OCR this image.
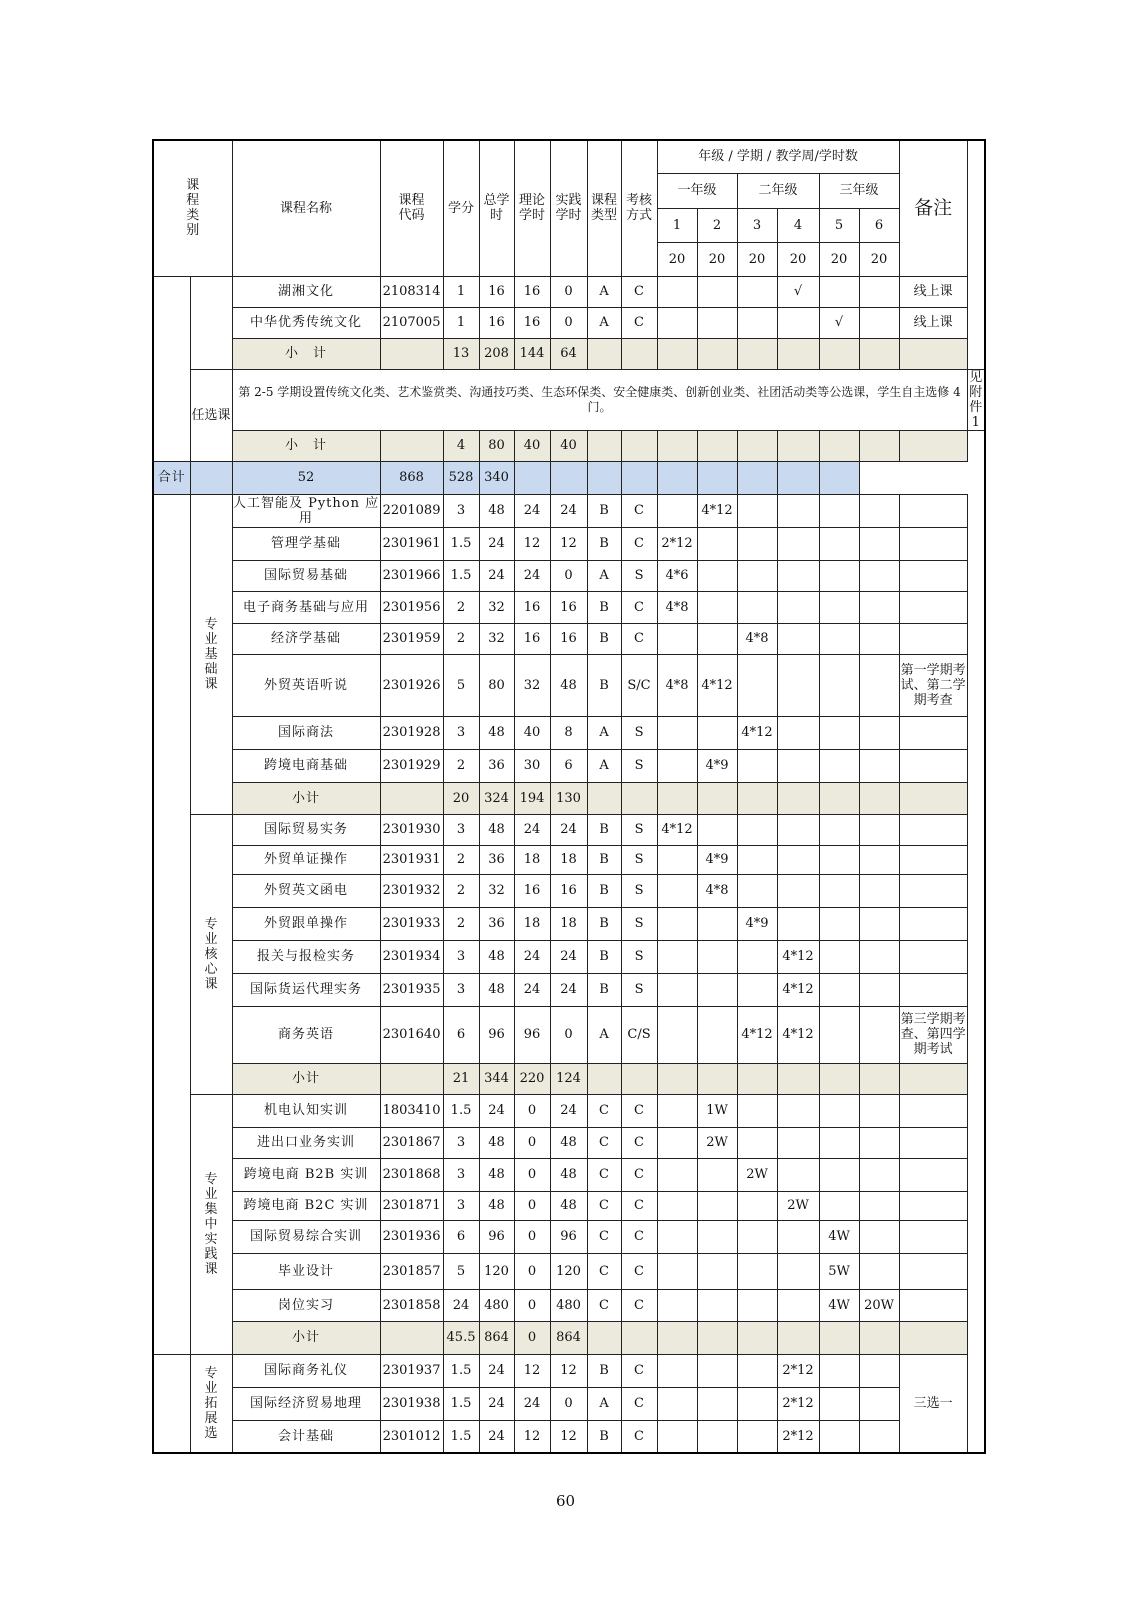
课程类别		课程名称	课程代码	学分	总学时	理论学时	实践学时	课程类型	考核方式	年级 / 学期 / 教学周/学时数						备注	
										一年级		二年级		三年级			
										1	2	3	4	5	6		
										20	20	20	20	20	20		
		湖湘文化	2108314	1	16	16	0	A	C				√			线上课	
		中华优秀传统文化	2107005	1	16	16	0	A	C					√		线上课	
		小　计		13	208	144	64										
	任选课	第 2-5 学期设置传统文化类、艺术鉴赏类、沟通技巧类、生态环保类、安全健康类、创新创业类、社团活动类等公选课，学生自主选修 4 门。															见附件 1
		小　计		4	80	40	40										
合计		52	868	528	340												
	专业基础课	人工智能及 Python 应用	2201089	3	48	24	24	B	C		4*12						
		管理学基础	2301961	1.5	24	12	12	B	C	2*12							
		国际贸易基础	2301966	1.5	24	24	0	A	S	4*6							
		电子商务基础与应用	2301956	2	32	16	16	B	C	4*8							
		经济学基础	2301959	2	32	16	16	B	C			4*8					
		外贸英语听说	2301926	5	80	32	48	B	S/C	4*8	4*12					第一学期考试、第二学期考查	
		国际商法	2301928	3	48	40	8	A	S			4*12					
		跨境电商基础	2301929	2	36	30	6	A	S		4*9						
		小计		20	324	194	130										
	专业核心课	国际贸易实务	2301930	3	48	24	24	B	S	4*12							
		外贸单证操作	2301931	2	36	18	18	B	S		4*9						
		外贸英文函电	2301932	2	32	16	16	B	S		4*8						
		外贸跟单操作	2301933	2	36	18	18	B	S			4*9					
		报关与报检实务	2301934	3	48	24	24	B	S				4*12				
		国际货运代理实务	2301935	3	48	24	24	B	S				4*12				
		商务英语	2301640	6	96	96	0	A	C/S			4*12	4*12			第三学期考查、第四学期考试	
		小计		21	344	220	124										
	专业集中实践课	机电认知实训	1803410	1.5	24	0	24	C	C		1W						
		进出口业务实训	2301867	3	48	0	48	C	C		2W						
		跨境电商 B2B 实训	2301868	3	48	0	48	C	C			2W					
		跨境电商 B2C 实训	2301871	3	48	0	48	C	C				2W				
		国际贸易综合实训	2301936	6	96	0	96	C	C					4W			
		毕业设计	2301857	5	120	0	120	C	C					5W			
		岗位实习	2301858	24	480	0	480	C	C					4W	20W		
		小计		45.5	864	0	864										
	专业拓展选	国际商务礼仪	2301937	1.5	24	12	12	B	C				2*12			三选一	
		国际经济贸易地理	2301938	1.5	24	24	0	A	C				2*12				
		会计基础	2301012	1.5	24	12	12	B	C				2*12				
60
